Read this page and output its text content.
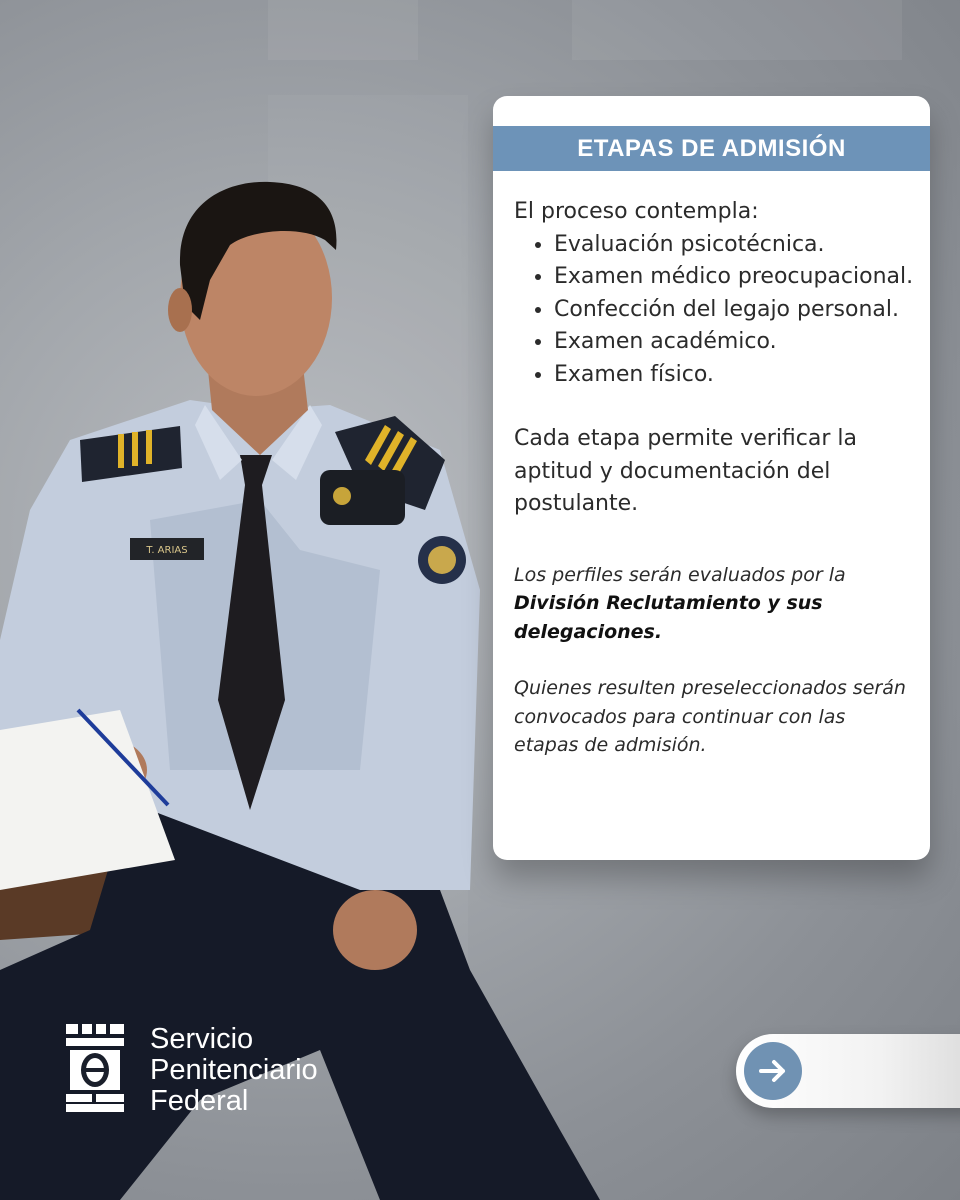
T. ARIAS
ETAPAS DE ADMISIÓN

El proceso contempla:

• Evaluación psicotécnica.
• Examen médico preocupacional.
• Confección del legajo personal.
• Examen académico.
• Examen físico.

Cada etapa permite verificar la aptitud y documentación del postulante.

Los perfiles serán evaluados por la División Reclutamiento y sus delegaciones.

Quienes resulten preseleccionados serán convocados para continuar con las etapas de admisión.

Servicio
Penitenciario
Federal
